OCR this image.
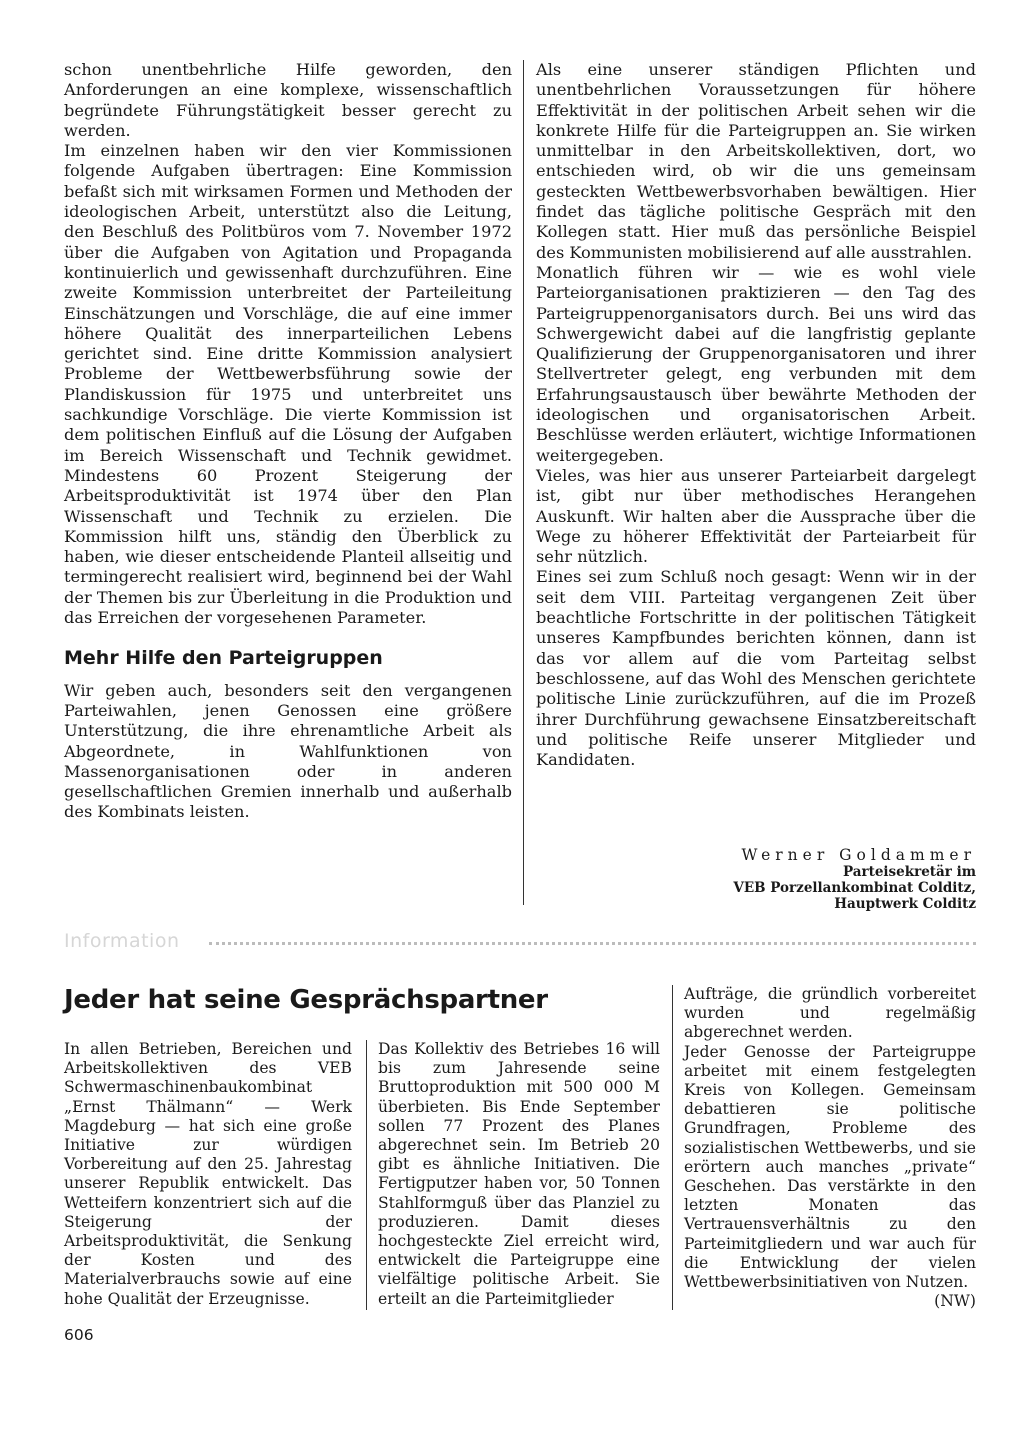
schon unentbehrliche Hilfe geworden, den Anforderungen an eine komplexe, wissenschaftlich begründete Führungstätigkeit besser gerecht zu werden.

Im einzelnen haben wir den vier Kommissionen folgende Aufgaben übertragen: Eine Kommission befaßt sich mit wirksamen Formen und Methoden der ideologischen Arbeit, unterstützt also die Leitung, den Beschluß des Politbüros vom 7. November 1972 über die Aufgaben von Agitation und Propaganda kontinuierlich und gewissenhaft durchzuführen. Eine zweite Kommission unterbreitet der Parteileitung Einschätzungen und Vorschläge, die auf eine immer höhere Qualität des innerparteilichen Lebens gerichtet sind. Eine dritte Kommission analysiert Probleme der Wettbewerbsführung sowie der Plandiskussion für 1975 und unterbreitet uns sachkundige Vorschläge. Die vierte Kommission ist dem politischen Einfluß auf die Lösung der Aufgaben im Bereich Wissenschaft und Technik gewidmet. Mindestens 60 Prozent Steigerung der Arbeitsproduktivität ist 1974 über den Plan Wissenschaft und Technik zu erzielen. Die Kommission hilft uns, ständig den Überblick zu haben, wie dieser entscheidende Planteil allseitig und termingerecht realisiert wird, beginnend bei der Wahl der Themen bis zur Überleitung in die Produktion und das Erreichen der vorgesehenen Parameter.

Mehr Hilfe den Parteigruppen

Wir geben auch, besonders seit den vergangenen Parteiwahlen, jenen Genossen eine größere Unterstützung, die ihre ehrenamtliche Arbeit als Abgeordnete, in Wahlfunktionen von Massenorganisationen oder in anderen gesellschaftlichen Gremien innerhalb und außerhalb des Kombinats leisten.

Als eine unserer ständigen Pflichten und unentbehrlichen Voraussetzungen für höhere Effektivität in der politischen Arbeit sehen wir die konkrete Hilfe für die Parteigruppen an. Sie wirken unmittelbar in den Arbeitskollektiven, dort, wo entschieden wird, ob wir die uns gemeinsam gesteckten Wettbewerbsvorhaben bewältigen. Hier findet das tägliche politische Gespräch mit den Kollegen statt. Hier muß das persönliche Beispiel des Kommunisten mobilisierend auf alle ausstrahlen.

Monatlich führen wir — wie es wohl viele Parteiorganisationen praktizieren — den Tag des Parteigruppenorganisators durch. Bei uns wird das Schwergewicht dabei auf die langfristig geplante Qualifizierung der Gruppenorganisatoren und ihrer Stellvertreter gelegt, eng verbunden mit dem Erfahrungsaustausch über bewährte Methoden der ideologischen und organisatorischen Arbeit. Beschlüsse werden erläutert, wichtige Informationen weitergegeben.

Vieles, was hier aus unserer Parteiarbeit dargelegt ist, gibt nur über methodisches Herangehen Auskunft. Wir halten aber die Aussprache über die Wege zu höherer Effektivität der Parteiarbeit für sehr nützlich.

Eines sei zum Schluß noch gesagt: Wenn wir in der seit dem VIII. Parteitag vergangenen Zeit über beachtliche Fortschritte in der politischen Tätigkeit unseres Kampfbundes berichten können, dann ist das vor allem auf die vom Parteitag selbst beschlossene, auf das Wohl des Menschen gerichtete politische Linie zurückzuführen, auf die im Prozeß ihrer Durchführung gewachsene Einsatzbereitschaft und politische Reife unserer Mitglieder und Kandidaten.

Werner Goldammer
Parteisekretär im
VEB Porzellankombinat Colditz,
Hauptwerk Colditz
Information
Jeder hat seine Gesprächspartner

In allen Betrieben, Bereichen und Arbeitskollektiven des VEB Schwermaschinenbaukombinat „Ernst Thälmann“ — Werk Magdeburg — hat sich eine große Initiative zur würdigen Vorbereitung auf den 25. Jahrestag unserer Republik entwickelt. Das Wetteifern konzentriert sich auf die Steigerung der Arbeitsproduktivität, die Senkung der Kosten und des Materialverbrauchs sowie auf eine hohe Qualität der Erzeugnisse.

Das Kollektiv des Betriebes 16 will bis zum Jahresende seine Bruttoproduktion mit 500 000 M überbieten. Bis Ende September sollen 77 Prozent des Planes abgerechnet sein. Im Betrieb 20 gibt es ähnliche Initiativen. Die Fertigputzer haben vor, 50 Tonnen Stahlformguß über das Planziel zu produzieren. Damit dieses hochgesteckte Ziel erreicht wird, entwickelt die Parteigruppe eine vielfältige politische Arbeit. Sie erteilt an die Parteimitglieder

Aufträge, die gründlich vorbereitet wurden und regelmäßig abgerechnet werden.

Jeder Genosse der Parteigruppe arbeitet mit einem festgelegten Kreis von Kollegen. Gemeinsam debattieren sie politische Grundfragen, Probleme des sozialistischen Wettbewerbs, und sie erörtern auch manches „private“ Geschehen. Das verstärkte in den letzten Monaten das Vertrauensverhältnis zu den Parteimitgliedern und war auch für die Entwicklung der vielen Wettbewerbsinitiativen von Nutzen.

(NW)

606
